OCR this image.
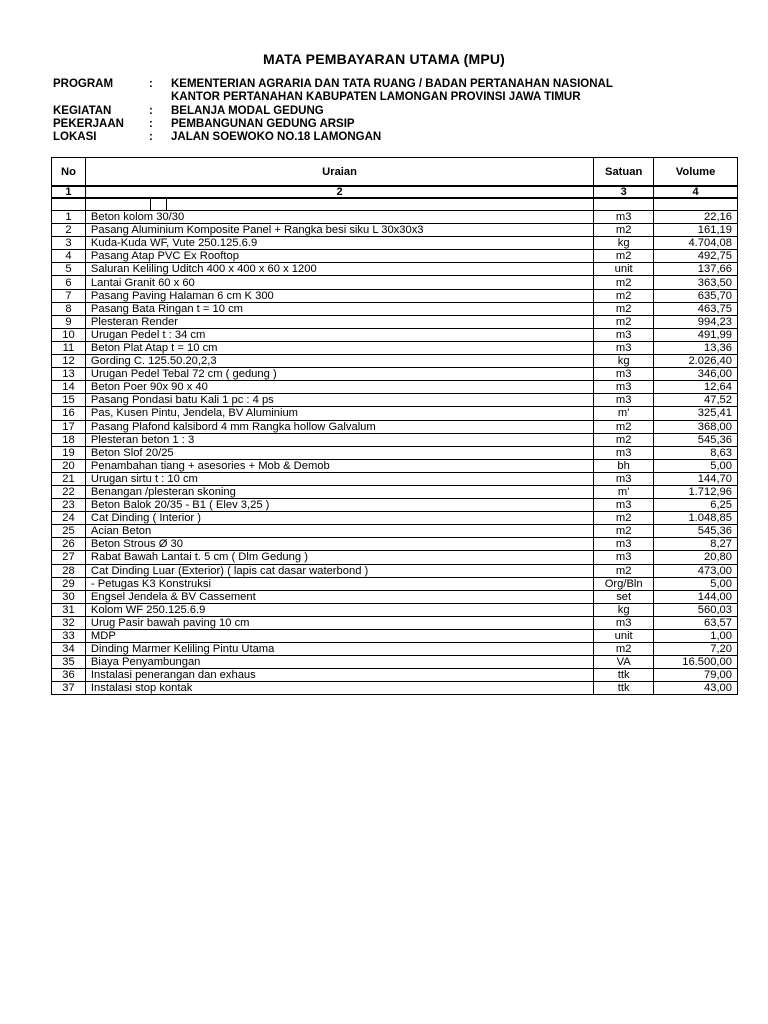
MATA PEMBAYARAN UTAMA (MPU)
PROGRAM	: KEMENTERIAN AGRARIA DAN TATA RUANG / BADAN PERTANAHAN NASIONAL
KANTOR PERTANAHAN KABUPATEN LAMONGAN PROVINSI JAWA TIMUR
KEGIATAN	: BELANJA MODAL GEDUNG
PEKERJAAN	: PEMBANGUNAN GEDUNG ARSIP
LOKASI	: JALAN SOEWOKO NO.18 LAMONGAN
No	Uraian	Satuan	Volume
1	2	3	4

1	Beton kolom 30/30	m3	22,16
2	Pasang Aluminium Komposite Panel + Rangka besi siku L 30x30x3	m2	161,19
3	Kuda-Kuda WF, Vute 250.125.6.9	kg	4.704,08
4	Pasang Atap PVC Ex Rooftop	m2	492,75
5	Saluran Keliling Uditch 400 x 400 x 60 x 1200	unit	137,66
6	Lantai Granit 60 x 60	m2	363,50
7	Pasang Paving Halaman 6 cm K 300	m2	635,70
8	Pasang Bata Ringan t = 10 cm	m2	463,75
9	Plesteran Render	m2	994,23
10	Urugan Pedel t : 34 cm	m3	491,99
11	Beton Plat Atap t = 10 cm	m3	13,36
12	Gording C. 125.50.20,2,3	kg	2.026,40
13	Urugan Pedel Tebal 72 cm ( gedung )	m3	346,00
14	Beton Poer 90x 90 x 40	m3	12,64
15	Pasang Pondasi batu Kali 1 pc : 4 ps	m3	47,52
16	Pas, Kusen Pintu, Jendela, BV Aluminium	m'	325,41
17	Pasang Plafond kalsibord 4 mm Rangka hollow Galvalum	m2	368,00
18	Plesteran beton 1 : 3	m2	545,36
19	Beton Slof 20/25	m3	8,63
20	Penambahan tiang + asesories + Mob & Demob	bh	5,00
21	Urugan sirtu t : 10 cm	m3	144,70
22	Benangan /plesteran skoning	m'	1.712,96
23	Beton Balok 20/35 - B1 ( Elev 3,25 )	m3	6,25
24	Cat Dinding ( Interior )	m2	1.048,85
25	Acian Beton	m2	545,36
26	Beton Strous Ø 30	m3	8,27
27	Rabat Bawah Lantai t. 5 cm ( Dlm Gedung )	m3	20,80
28	Cat Dinding Luar (Exterior) ( lapis cat dasar waterbond )	m2	473,00
29	- Petugas K3 Konstruksi	Org/Bln	5,00
30	Engsel Jendela & BV Cassement	set	144,00
31	Kolom WF 250.125.6.9	kg	560,03
32	Urug Pasir bawah paving 10 cm	m3	63,57
33	MDP	unit	1,00
34	Dinding Marmer Keliling Pintu Utama	m2	7,20
35	Biaya Penyambungan	VA	16.500,00
36	Instalasi penerangan dan exhaus	ttk	79,00
37	Instalasi stop kontak	ttk	43,00
